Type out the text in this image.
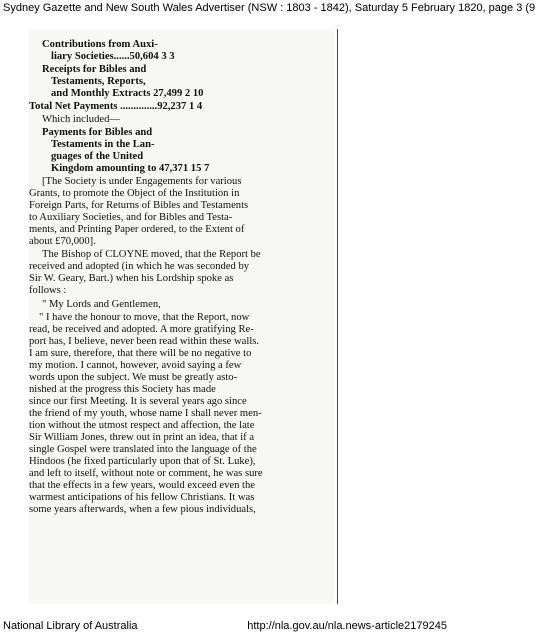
Sydney Gazette and New South Wales Advertiser (NSW : 1803 - 1842), Saturday 5 February 1820, page 3 (9
Contributions from Auxi-
liary Societies......50,604 3 3
Receipts for Bibles and
Testaments, Reports,
and Monthly Extracts 27,499 2 10
Total Net Payments ..............92,237 1 4
Which included—
Payments for Bibles and
Testaments in the Lan-
guages of the United
Kingdom amounting to 47,371 15 7
[The Society is under Engagements for various
Grants, to promote the Object of the Institution in
Foreign Parts, for Returns of Bibles and Testaments
to Auxiliary Societies, and for Bibles and Testa-
ments, and Printing Paper ordered, to the Extent of
about £70,000].
The Bishop of CLOYNE moved, that the Report be
received and adopted (in which he was seconded by
Sir W. Geary, Bart.) when his Lordship spoke as
follows :
" My Lords and Gentlemen,
" I have the honour to move, that the Report, now
read, be received and adopted. A more gratifying Re-
port has, I believe, never been read within these walls.
I am sure, therefore, that there will be no negative to
my motion. I cannot, however, avoid saying a few
words upon the subject. We must be greatly asto-
nished at the progress this Society has made
since our first Meeting. It is several years ago since
the friend of my youth, whose name I shall never men-
tion without the utmost respect and affection, the late
Sir William Jones, threw out in print an idea, that if a
single Gospel were translated into the language of the
Hindoos (he fixed particularly upon that of St. Luke),
and left to itself, without note or comment, he was sure
that the effects in a few years, would exceed even the
warmest anticipations of his fellow Christians. It was
some years afterwards, when a few pious individuals,
National Library of Australia	http://nla.gov.au/nla.news-article2179245
